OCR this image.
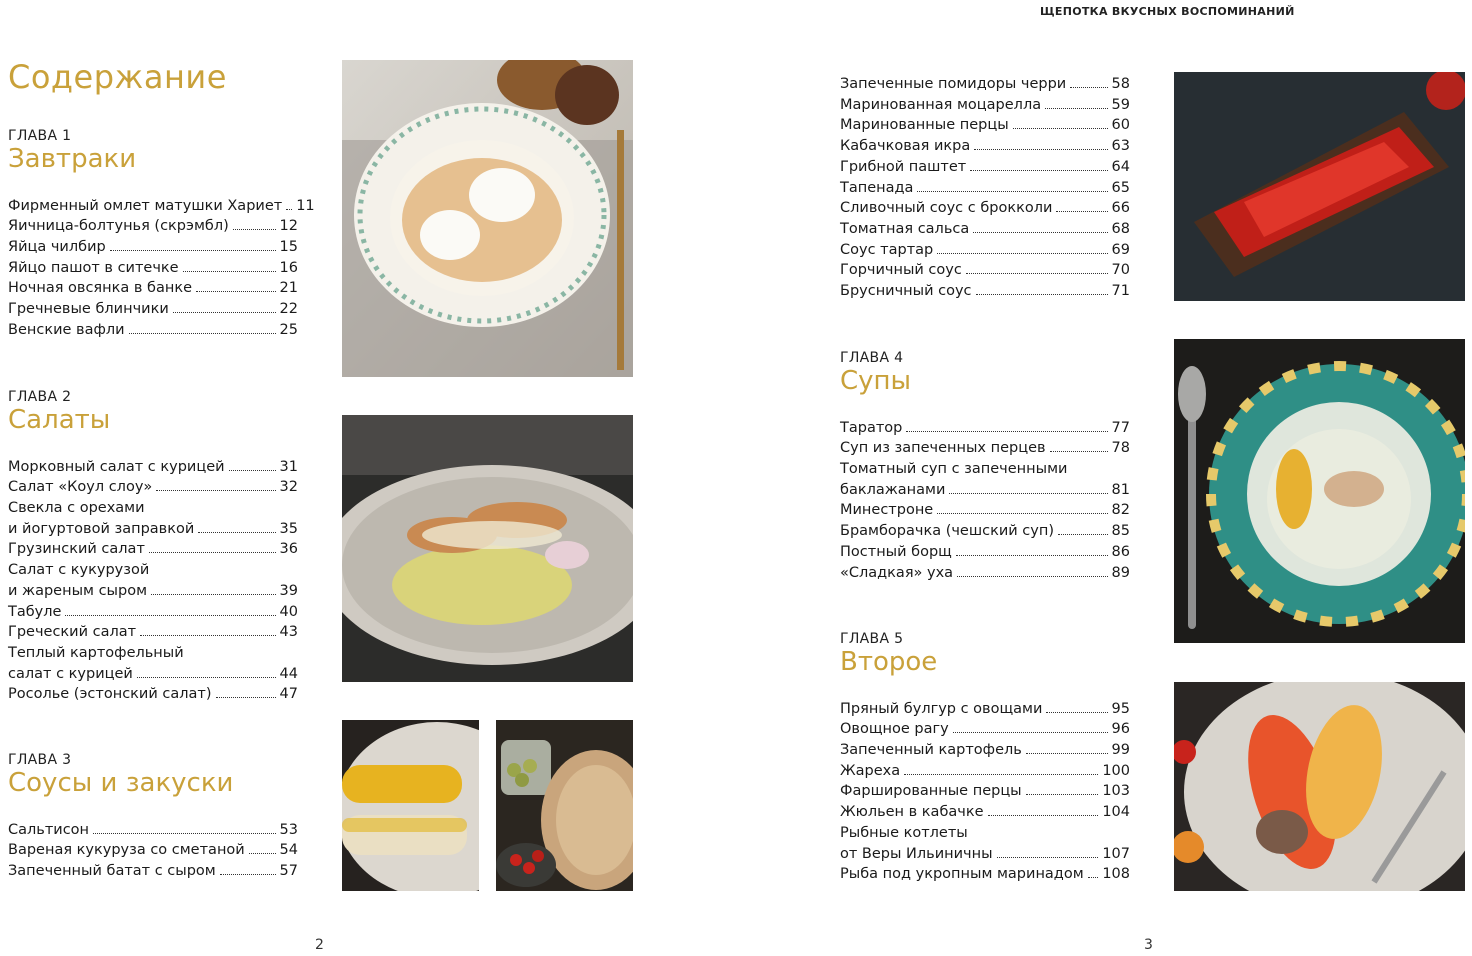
ЩЕПОТКА ВКУСНЫХ ВОСПОМИНАНИЙ
Содержание
ГЛАВА 1
Завтраки
Фирменный омлет матушки Хариет 11
Яичница-болтунья (скрэмбл)	12
Яйца чилбир	15
Яйцо пашот в ситечке	16
Ночная овсянка в банке	21
Гречневые блинчики	22
Венские вафли	25
ГЛАВА 2
Салаты
Морковный салат с курицей	31
Салат «Коул слоу»	32
Свекла с орехами
и йогуртовой заправкой	35
Грузинский салат	36
Салат с кукурузой
и жареным сыром	39
Табуле	40
Греческий салат	43
Теплый картофельный
салат с курицей	44
Росолье (эстонский салат)	47
ГЛАВА 3
Соусы и закуски
Сальтисон	53
Вареная кукуруза со сметаной 54
Запеченный батат с сыром	57
2
Запеченные помидоры черри	58
Маринованная моцарелла	59
Маринованные перцы	60
Кабачковая икра	63
Грибной паштет	64
Тапенада	65
Сливочный соус с брокколи	66
Томатная сальса	68
Соус тартар	69
Горчичный соус	70
Брусничный соус	71
ГЛАВА 4
Супы
Таратор	77
Суп из запеченных перцев	78
Томатный суп с запеченными
баклажанами	81
Минестроне	82
Брамборачка (чешский суп)	85
Постный борщ	86
«Сладкая» уха	89
ГЛАВА 5
Второе
Пряный булгур с овощами	95
Овощное рагу	96
Запеченный картофель	99
Жарeха	100
Фаршированные перцы	103
Жюльен в кабачке	104
Рыбные котлеты
от Веры Ильиничны	107
Рыба под укропным маринадом 108
3
